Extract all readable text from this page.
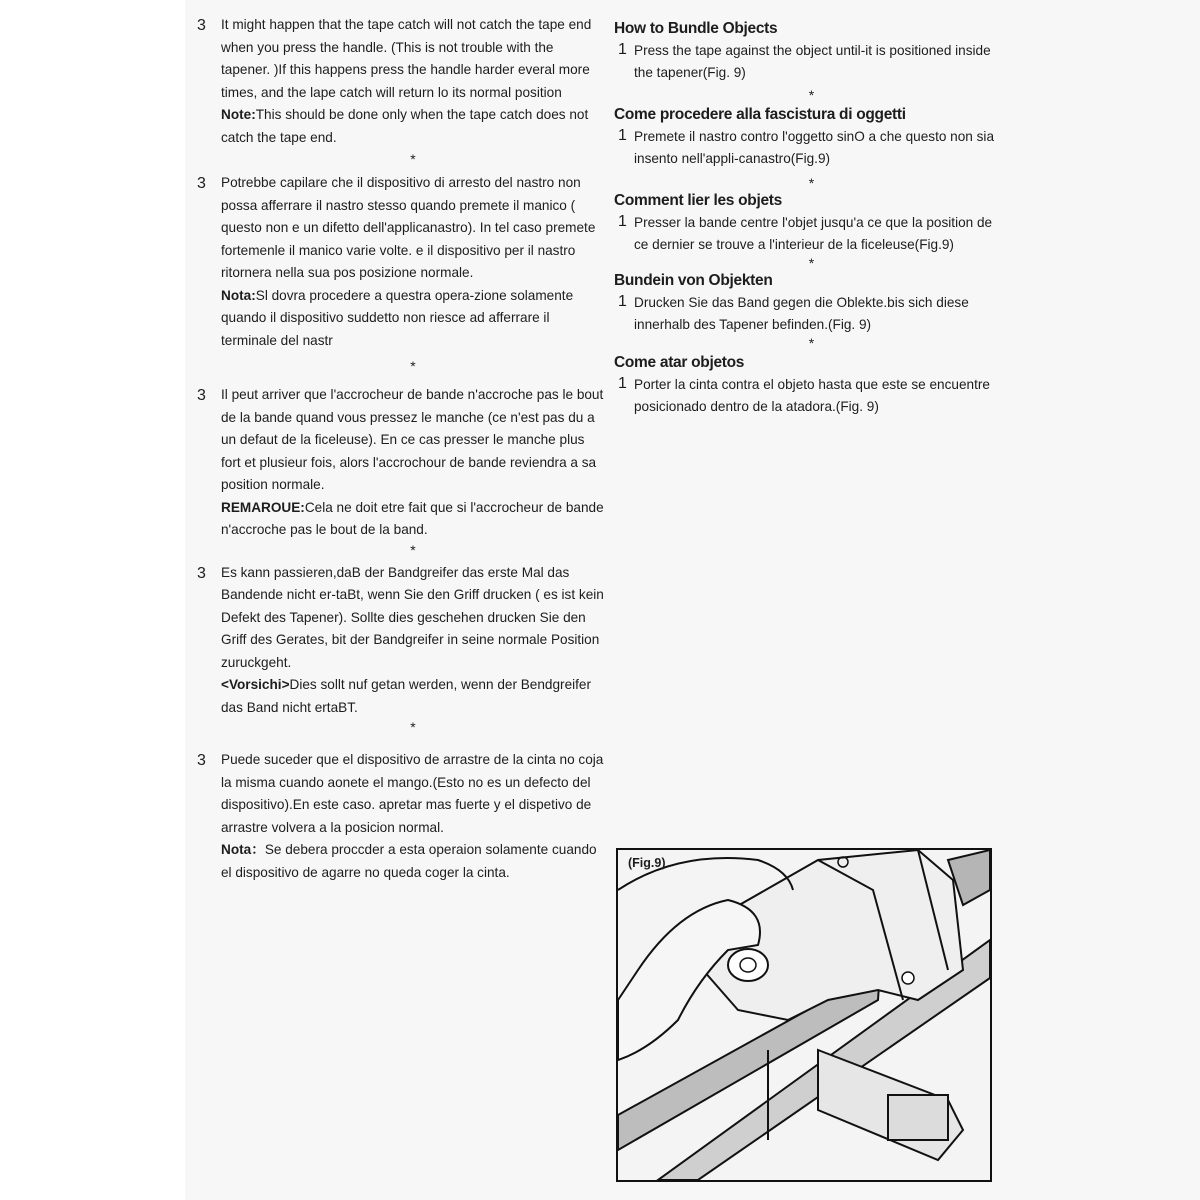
3 It might happen that the tape catch will not catch the tape end when you press the handle. (This is not trouble with the tapener. )If this happens press the handle harder everal more times, and the lape catch will return lo its normal position

Note:This should be done only when the tape catch does not catch the tape end.

*
3 Potrebbe capilare che il dispositivo di arresto del nastro non possa afferrare il nastro stesso quando premete il manico ( questo non e un difetto dell'applicanastro). In tel caso premete fortemenle il manico varie volte. e il dispositivo per il nastro ritornera nella sua pos posizione normale.

Nota:Sl dovra procedere a questra opera-zione solamente quando il dispositivo suddetto non riesce ad afferrare il terminale del nastr

*
3 Il peut arriver que l'accrocheur de bande n'accroche pas le bout de la bande quand vous pressez le manche (ce n'est pas du a un defaut de la ficeleuse). En ce cas presser le manche plus fort et plusieur fois, alors l'accrochour de bande reviendra a sa position normale.

REMAROUE:Cela ne doit etre fait que si l'accrocheur de bande n'accroche pas le bout de la band.

*
3 Es kann passieren,daB der Bandgreifer das erste Mal das Bandende nicht er-taBt, wenn Sie den Griff drucken ( es ist kein Defekt des Tapener). Sollte dies geschehen drucken Sie den Griff des Gerates, bit der Bandgreifer in seine normale Position zuruckgeht.

<Vorsichi>Dies sollt nuf getan werden, wenn der Bendgreifer das Band nicht ertaBT.

*
3 Puede suceder que el dispositivo de arrastre de la cinta no coja la misma cuando aonete el mango.(Esto no es un defecto del dispositivo).En este caso. apretar mas fuerte y el dispetivo de arrastre volvera a la posicion normal.

Nota：Se debera proccder a esta operaion solamente cuando el dispositivo de agarre no queda coger la cinta.

How to Bundle Objects
1 Press the tape against the object until-it is positioned inside the tapener(Fig. 9)
*
Come procedere alla fascistura di oggetti
1 Premete il nastro contro l'oggetto sinO a che questo non sia insento nell'appli-canastro(Fig.9)
*
Comment lier les objets
1 Presser la bande centre l'objet jusqu'a ce que la position de ce dernier se trouve a l'interieur de la ficeleuse(Fig.9)
*
Bundein von Objekten
1 Drucken Sie das Band gegen die Oblekte.bis sich diese innerhalb des Tapener befinden.(Fig. 9)
*
Come atar objetos
1 Porter la cinta contra el objeto hasta que este se encuentre posicionado dentro de la atadora.(Fig. 9)
(Fig.9)
